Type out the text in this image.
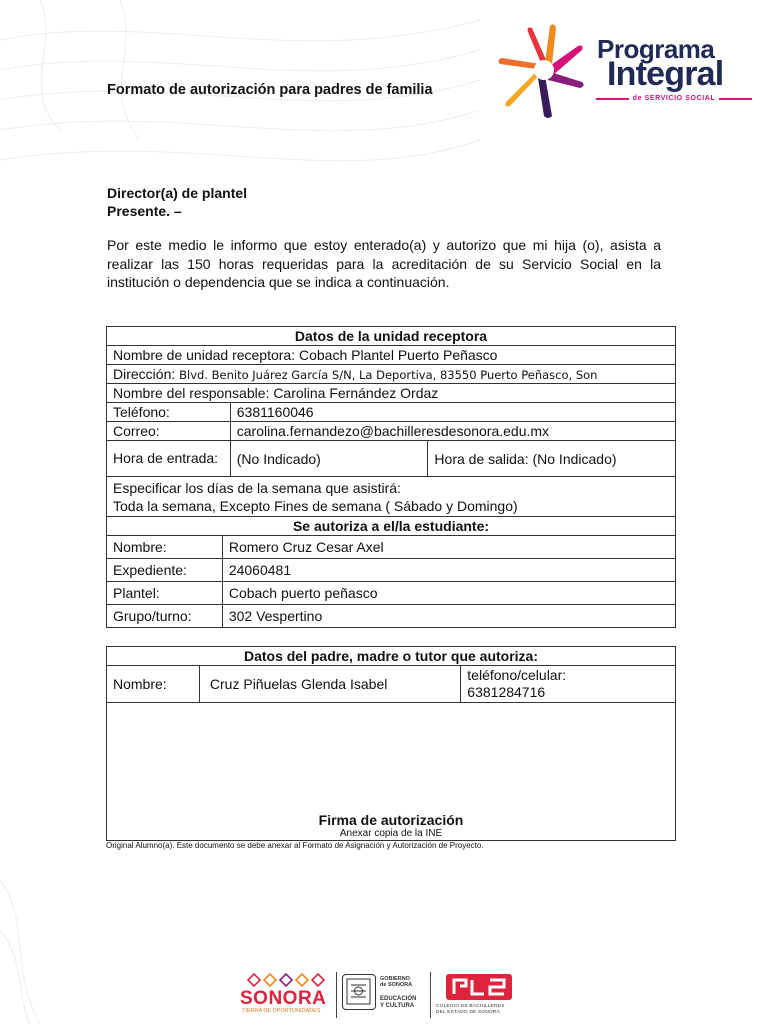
Formato de autorización para padres de familia
Programa
Integral
de SERVICIO SOCIAL
Director(a) de plantel
Presente. –
Por este medio le informo que estoy enterado(a) y autorizo que mi hija (o), asista a realizar las 150 horas requeridas para la acreditación de su Servicio Social en la institución o dependencia que se indica a continuación.
Datos de la unidad receptora			
Nombre de unidad receptora: Cobach Plantel Puerto Peñasco			
Dirección: Blvd. Benito Juárez García S/N, La Deportiva, 83550 Puerto Peñasco, Son			
Nombre del responsable: Carolina Fernández Ordaz			
Teléfono:		6381160046	
Correo:		carolina.fernandezo@bachilleresdesonora.edu.mx	
Hora de entrada:		(No Indicado)	Hora de salida: (No Indicado)

Especificar los días de la semana que asistirá:
Toda la semana, Excepto Fines de semana ( Sábado y Domingo)			

Se autoriza a el/la estudiante:			
Nombre:	Romero Cruz Cesar Axel		
Expediente:	24060481		
Plantel:	Cobach puerto peñasco		
Grupo/turno:	302 Vespertino		
Datos del padre, madre o tutor que autoriza:
Nombre:	Cruz Piñuelas Glenda Isabel	
teléfono/celular:
6381284716

Firma de autorización
Anexar copia de la INE
Original Alumno(a). Este documento se debe anexar al Formato de Asignación y Autorización de Proyecto.
SONORA
TIERRA DE OPORTUNIDADES
GOBIERNO
de SONORA
EDUCACIÓN
Y CULTURA	COLEGIO DE BACHILLERES
DEL ESTADO DE SONORA
